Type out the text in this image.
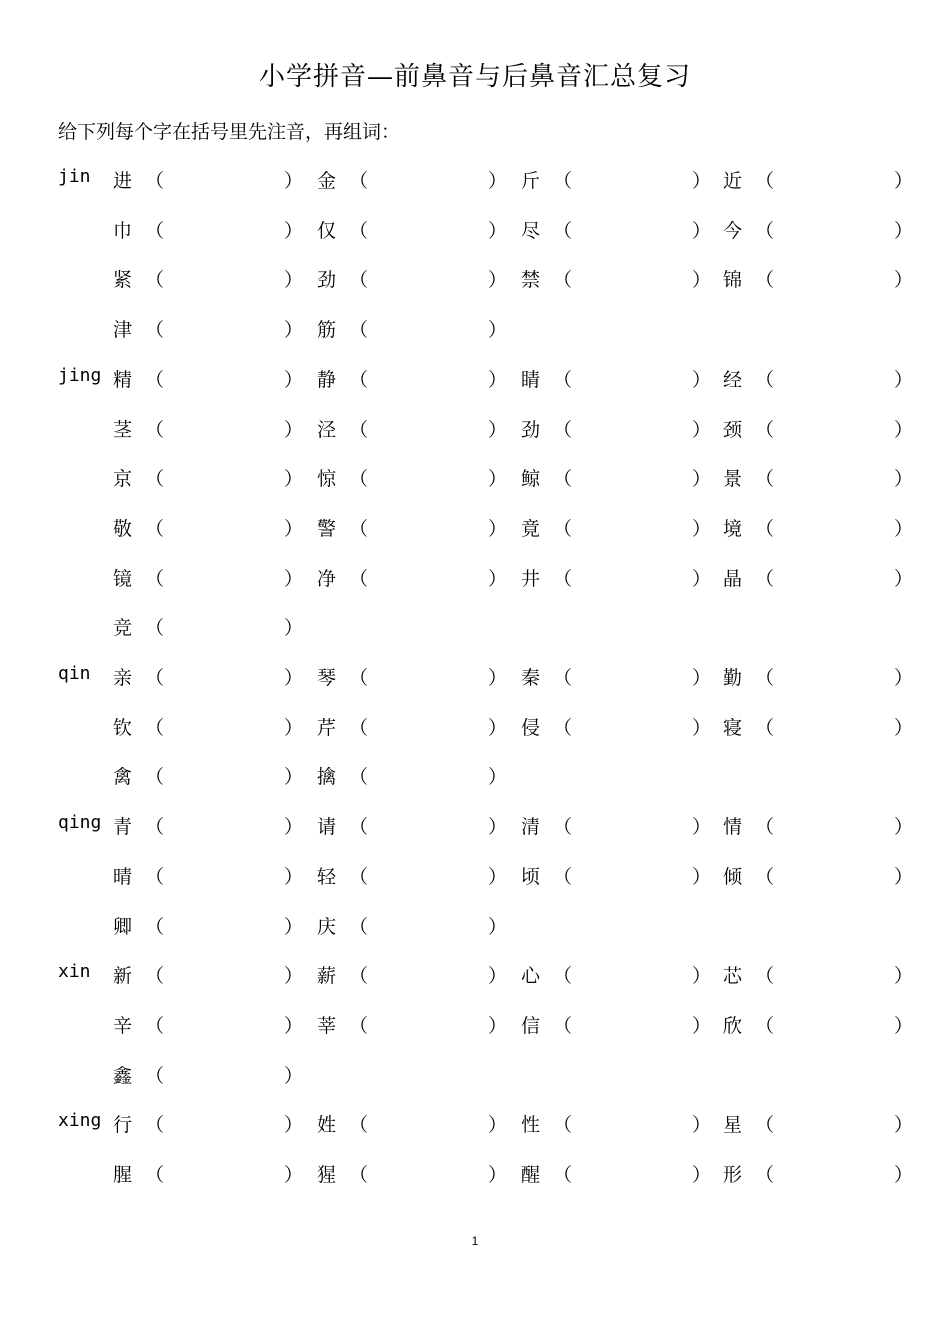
小学拼音—前鼻音与后鼻音汇总复习
给下列每个字在括号里先注音，再组词：
jin 进 （	） 金 （	） 斤 （	） 近 （	）
巾 （	） 仅 （	） 尽 （	） 今 （	）
紧 （	） 劲 （	） 禁 （	） 锦 （	）
津 （	） 筋 （	）
jing 精 （	） 静 （	） 睛 （	） 经 （	）
茎 （	） 泾 （	） 劲 （	） 颈 （	）
京 （	） 惊 （	） 鲸 （	） 景 （	）
敬 （	） 警 （	） 竟 （	） 境 （	）
镜 （	） 净 （	） 井 （	） 晶 （	）
竞 （	）
qin 亲 （	） 琴 （	） 秦 （	） 勤 （	）
钦 （	） 芹 （	） 侵 （	） 寝 （	）
禽 （	） 擒 （	）
qing 青 （	） 请 （	） 清 （	） 情 （	）
晴 （	） 轻 （	） 顷 （	） 倾 （	）
卿 （	） 庆 （	）
xin 新 （	） 薪 （	） 心 （	） 芯 （	）
辛 （	） 莘 （	） 信 （	） 欣 （	）
鑫 （	）
xing 行 （	） 姓 （	） 性 （	） 星 （	）
腥 （	） 猩 （	） 醒 （	） 形 （	）
1
